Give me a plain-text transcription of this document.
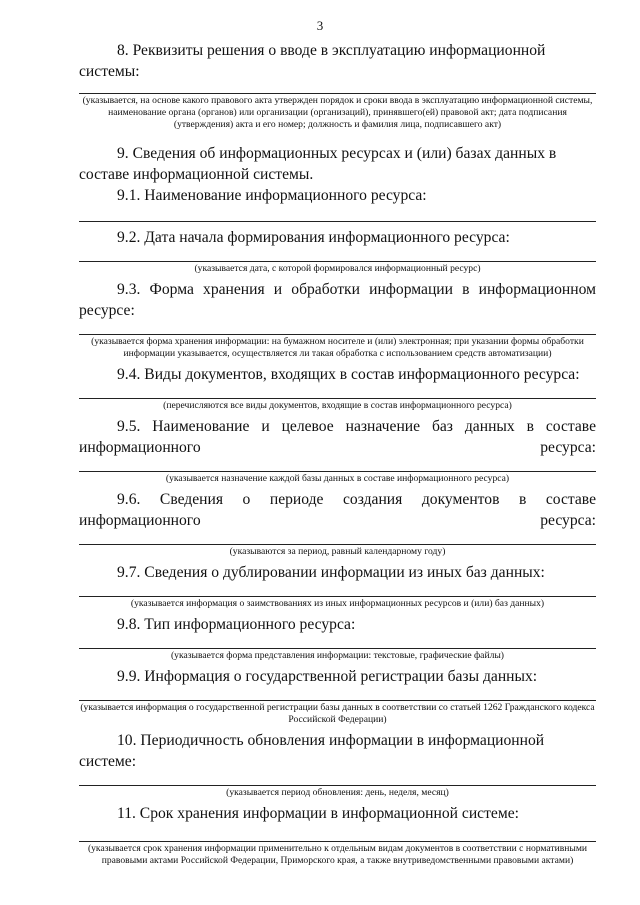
3

8. Реквизиты решения о вводе в эксплуатацию информационной системы:

(указывается, на основе какого правового акта утвержден порядок и сроки ввода в эксплуатацию информационной системы, наименование органа (органов) или организации (организаций), принявшего(ей) правовой акт; дата подписания (утверждения) акта и его номер; должность и фамилия лица, подписавшего акт)

9. Сведения об информационных ресурсах и (или) базах данных в составе информационной системы.

9.1. Наименование информационного ресурса:

9.2. Дата начала формирования информационного ресурса:

(указывается дата, с которой формировался информационный ресурс)

9.3. Форма хранения и обработки информации в информационном ресурсе:

(указывается форма хранения информации: на бумажном носителе и (или) электронная; при указании формы обработки информации указывается, осуществляется ли такая обработка с использованием средств автоматизации)

9.4. Виды документов, входящих в состав информационного ресурса:

(перечисляются все виды документов, входящие в состав информационного ресурса)

9.5. Наименование и целевое назначение баз данных в составе информационного ресурса:

(указывается назначение каждой базы данных в составе информационного ресурса)

9.6. Сведения о периоде создания документов в составе информационного ресурса:

(указываются за период, равный календарному году)

9.7. Сведения о дублировании информации из иных баз данных:

(указывается информация о заимствованиях из иных информационных ресурсов и (или) баз данных)

9.8. Тип информационного ресурса:

(указывается форма представления информации: текстовые, графические файлы)

9.9. Информация о государственной регистрации базы данных:

(указывается информация о государственной регистрации базы данных в соответствии со статьей 1262 Гражданского кодекса Российской Федерации)

10. Периодичность обновления информации в информационной системе:

(указывается период обновления: день, неделя, месяц)

11. Срок хранения информации в информационной системе:

(указывается срок хранения информации применительно к отдельным видам документов в соответствии с нормативными правовыми актами Российской Федерации, Приморского края, а также внутриведомственными правовыми актами)
